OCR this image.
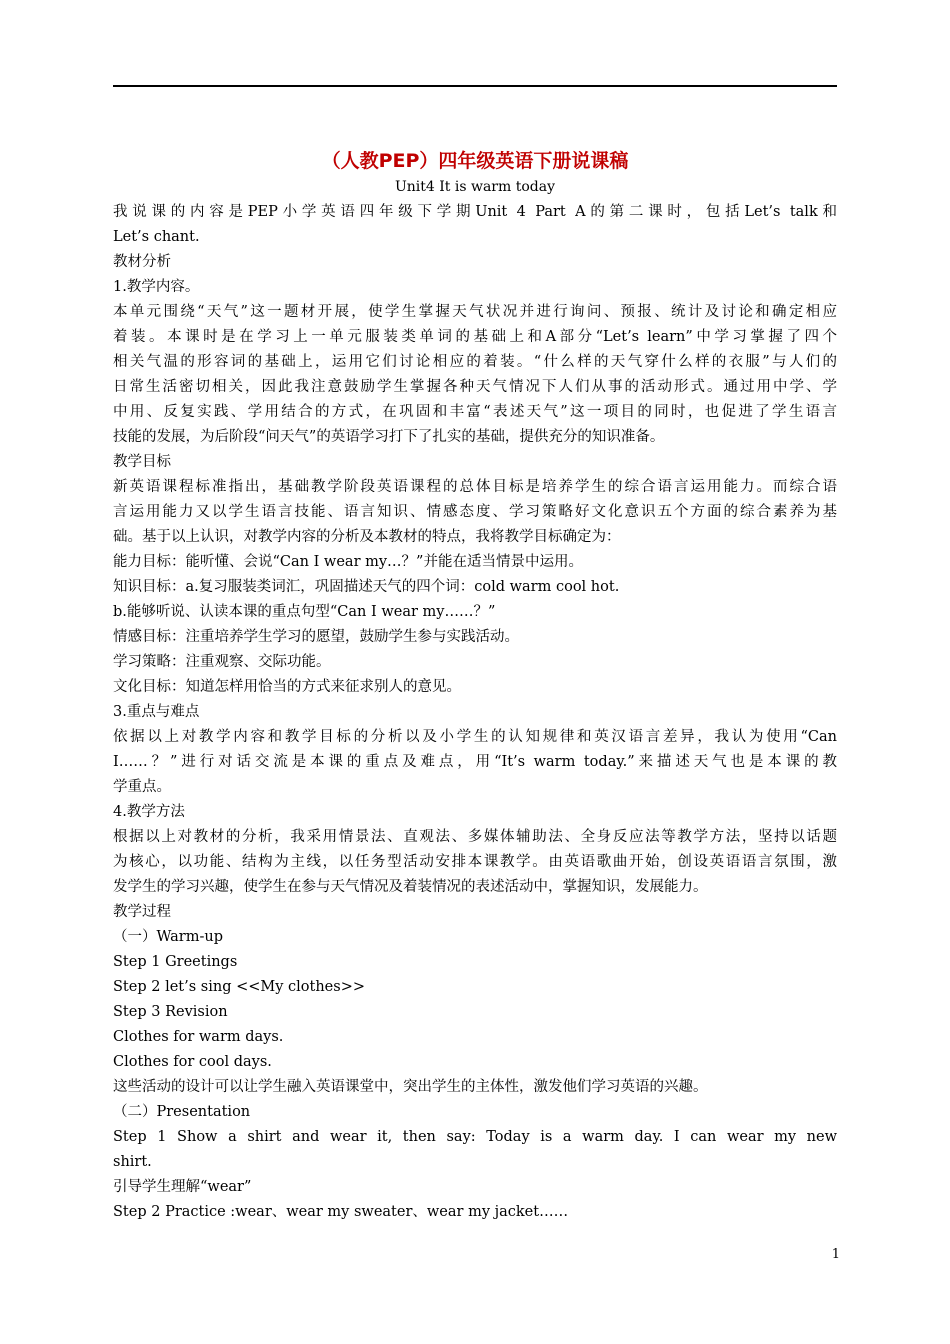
（人教PEP）四年级英语下册说课稿
Unit4 It is warm today

我说课的内容是PEP小学英语四年级下学期Unit 4 Part A的第二课时，包括Let’s talk和

Let’s chant.

教材分析

1.教学内容。

本单元围绕“天气”这一题材开展，使学生掌握天气状况并进行询问、预报、统计及讨论和确定相应

着装。本课时是在学习上一单元服装类单词的基础上和A部分“Let’s learn”中学习掌握了四个

相关气温的形容词的基础上，运用它们讨论相应的着装。“什么样的天气穿什么样的衣服”与人们的

日常生活密切相关，因此我注意鼓励学生掌握各种天气情况下人们从事的活动形式。通过用中学、学

中用、反复实践、学用结合的方式，在巩固和丰富“表述天气”这一项目的同时，也促进了学生语言

技能的发展，为后阶段“问天气”的英语学习打下了扎实的基础，提供充分的知识准备。

教学目标

新英语课程标准指出，基础教学阶段英语课程的总体目标是培养学生的综合语言运用能力。而综合语

言运用能力又以学生语言技能、语言知识、情感态度、学习策略好文化意识五个方面的综合素养为基

础。基于以上认识，对教学内容的分析及本教材的特点，我将教学目标确定为：

能力目标：能听懂、会说“Can I wear my…？”并能在适当情景中运用。

知识目标：a.复习服装类词汇，巩固描述天气的四个词：cold warm cool hot.

b.能够听说、认读本课的重点句型“Can I wear my……？”

情感目标：注重培养学生学习的愿望，鼓励学生参与实践活动。

学习策略：注重观察、交际功能。

文化目标：知道怎样用恰当的方式来征求别人的意见。

3.重点与难点

依据以上对教学内容和教学目标的分析以及小学生的认知规律和英汉语言差异，我认为使用“Can

I……？”进行对话交流是本课的重点及难点，用“It’s warm today.”来描述天气也是本课的教

学重点。

4.教学方法

根据以上对教材的分析，我采用情景法、直观法、多媒体辅助法、全身反应法等教学方法，坚持以话题

为核心，以功能、结构为主线，以任务型活动安排本课教学。由英语歌曲开始，创设英语语言氛围，激

发学生的学习兴趣，使学生在参与天气情况及着装情况的表述活动中，掌握知识，发展能力。

教学过程

（一）Warm-up

Step 1 Greetings

Step 2 let’s sing <<My clothes>>

Step 3 Revision

Clothes for warm days.

Clothes for cool days.

这些活动的设计可以让学生融入英语课堂中，突出学生的主体性，激发他们学习英语的兴趣。

（二）Presentation

Step 1 Show a shirt and wear it, then say: Today is a warm day. I can wear my new

shirt.

引导学生理解“wear”

Step 2 Practice :wear、wear my sweater、wear my jacket……

1
